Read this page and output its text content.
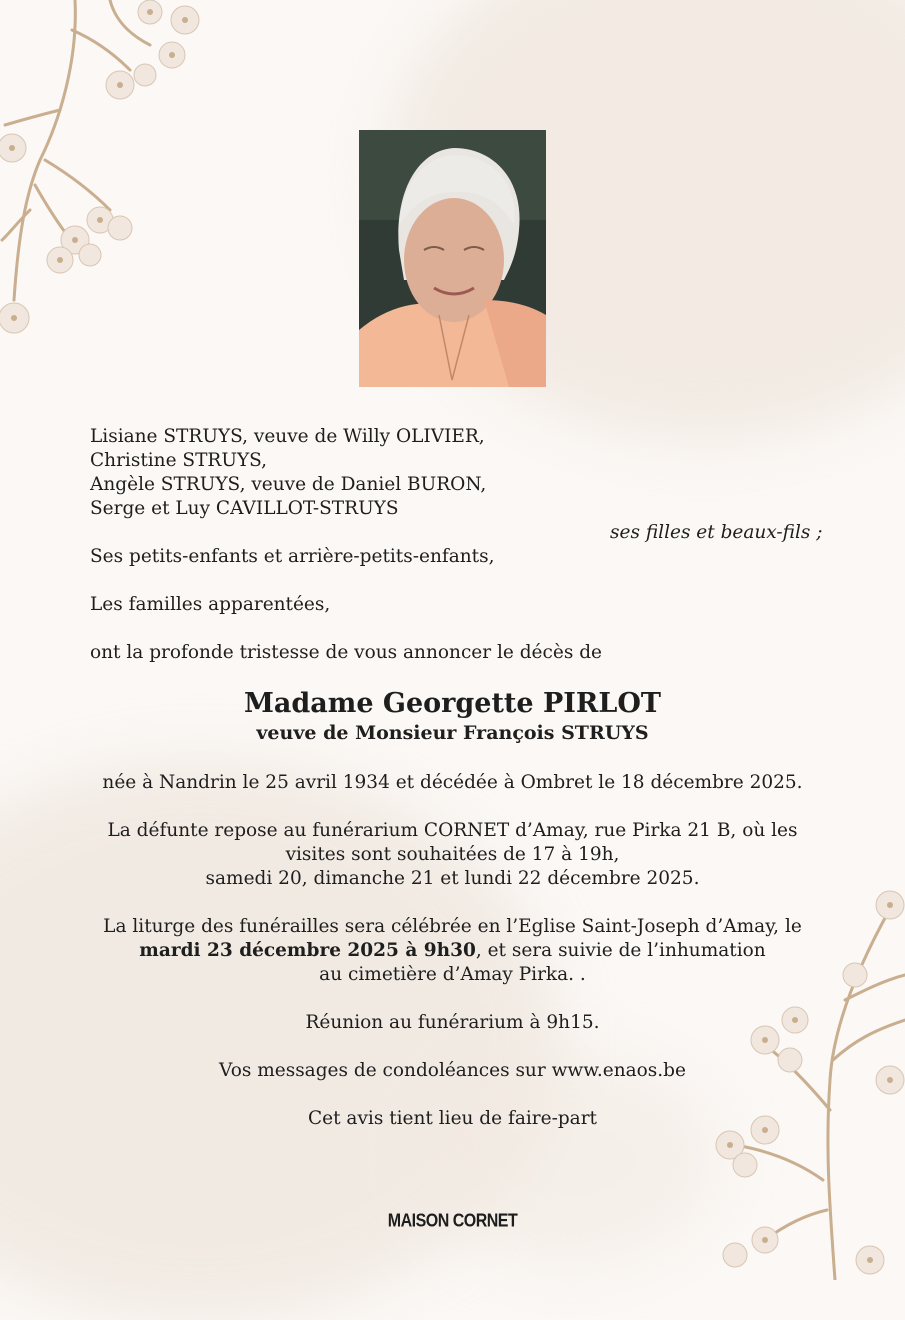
Lisiane STRUYS, veuve de Willy OLIVIER,
Christine STRUYS,
Angèle STRUYS, veuve de Daniel BURON,
Serge et Luy CAVILLOT-STRUYS
ses filles et beaux-fils ;
Ses petits-enfants et arrière-petits-enfants,
Les familles apparentées,
ont la profonde tristesse de vous annoncer le décès de
Madame Georgette PIRLOT
veuve de Monsieur François STRUYS
née à Nandrin le 25 avril 1934 et décédée à Ombret le 18 décembre 2025.
La défunte repose au funérarium CORNET d’Amay, rue Pirka 21 B, où les
visites sont souhaitées de 17 à 19h,
samedi 20, dimanche 21 et lundi 22 décembre 2025.
La liturge des funérailles sera célébrée en l’Eglise Saint-Joseph d’Amay, le
mardi 23 décembre 2025 à 9h30, et sera suivie de l’inhumation
au cimetière d’Amay Pirka. .
Réunion au funérarium à 9h15.
Vos messages de condoléances sur www.enaos.be
Cet avis tient lieu de faire-part
MAISON CORNET
